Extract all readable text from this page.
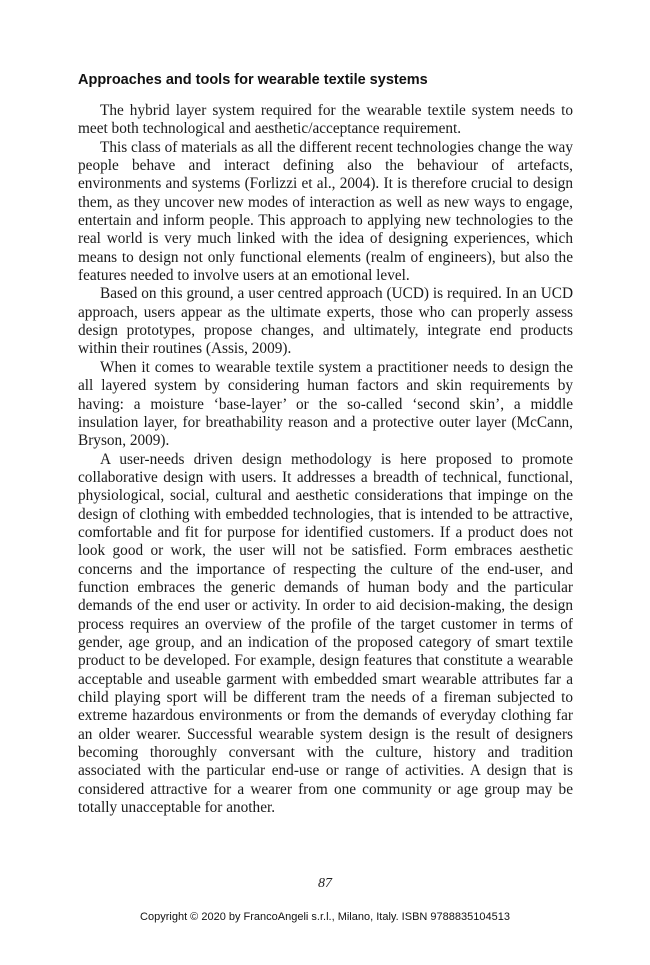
Approaches and tools for wearable textile systems

The hybrid layer system required for the wearable textile system needs to meet both technological and aesthetic/acceptance requirement.

This class of materials as all the different recent technologies change the way people behave and interact defining also the behaviour of artefacts, environments and systems (Forlizzi et al., 2004). It is therefore crucial to design them, as they uncover new modes of interaction as well as new ways to engage, entertain and inform people. This approach to applying new technologies to the real world is very much linked with the idea of designing experiences, which means to design not only functional elements (realm of engineers), but also the features needed to involve users at an emotional level.

Based on this ground, a user centred approach (UCD) is required. In an UCD approach, users appear as the ultimate experts, those who can properly assess design prototypes, propose changes, and ultimately, integrate end products within their routines (Assis, 2009).

When it comes to wearable textile system a practitioner needs to design the all layered system by considering human factors and skin requirements by having: a moisture ‘base-layer’ or the so-called ‘second skin’, a middle insulation layer, for breathability reason and a protective outer layer (McCann, Bryson, 2009).

A user-needs driven design methodology is here proposed to promote collaborative design with users. It addresses a breadth of technical, functional, physiological, social, cultural and aesthetic considerations that impinge on the design of clothing with embedded technologies, that is intended to be attractive, comfortable and fit for purpose for identified customers. If a product does not look good or work, the user will not be satisfied. Form embraces aesthetic concerns and the importance of respecting the culture of the end-user, and function embraces the generic demands of human body and the particular demands of the end user or activity. In order to aid decision-making, the design process requires an overview of the profile of the target customer in terms of gender, age group, and an indication of the proposed category of smart textile product to be developed. For example, design features that constitute a wearable acceptable and useable garment with embedded smart wearable attributes far a child playing sport will be different tram the needs of a fireman subjected to extreme hazardous environments or from the demands of everyday clothing far an older wearer. Successful wearable system design is the result of designers becoming thoroughly conversant with the culture, history and tradition associated with the particular end-use or range of activities. A design that is considered attractive for a wearer from one community or age group may be totally unacceptable for another.

87
Copyright © 2020 by FrancoAngeli s.r.l., Milano, Italy. ISBN 9788835104513
